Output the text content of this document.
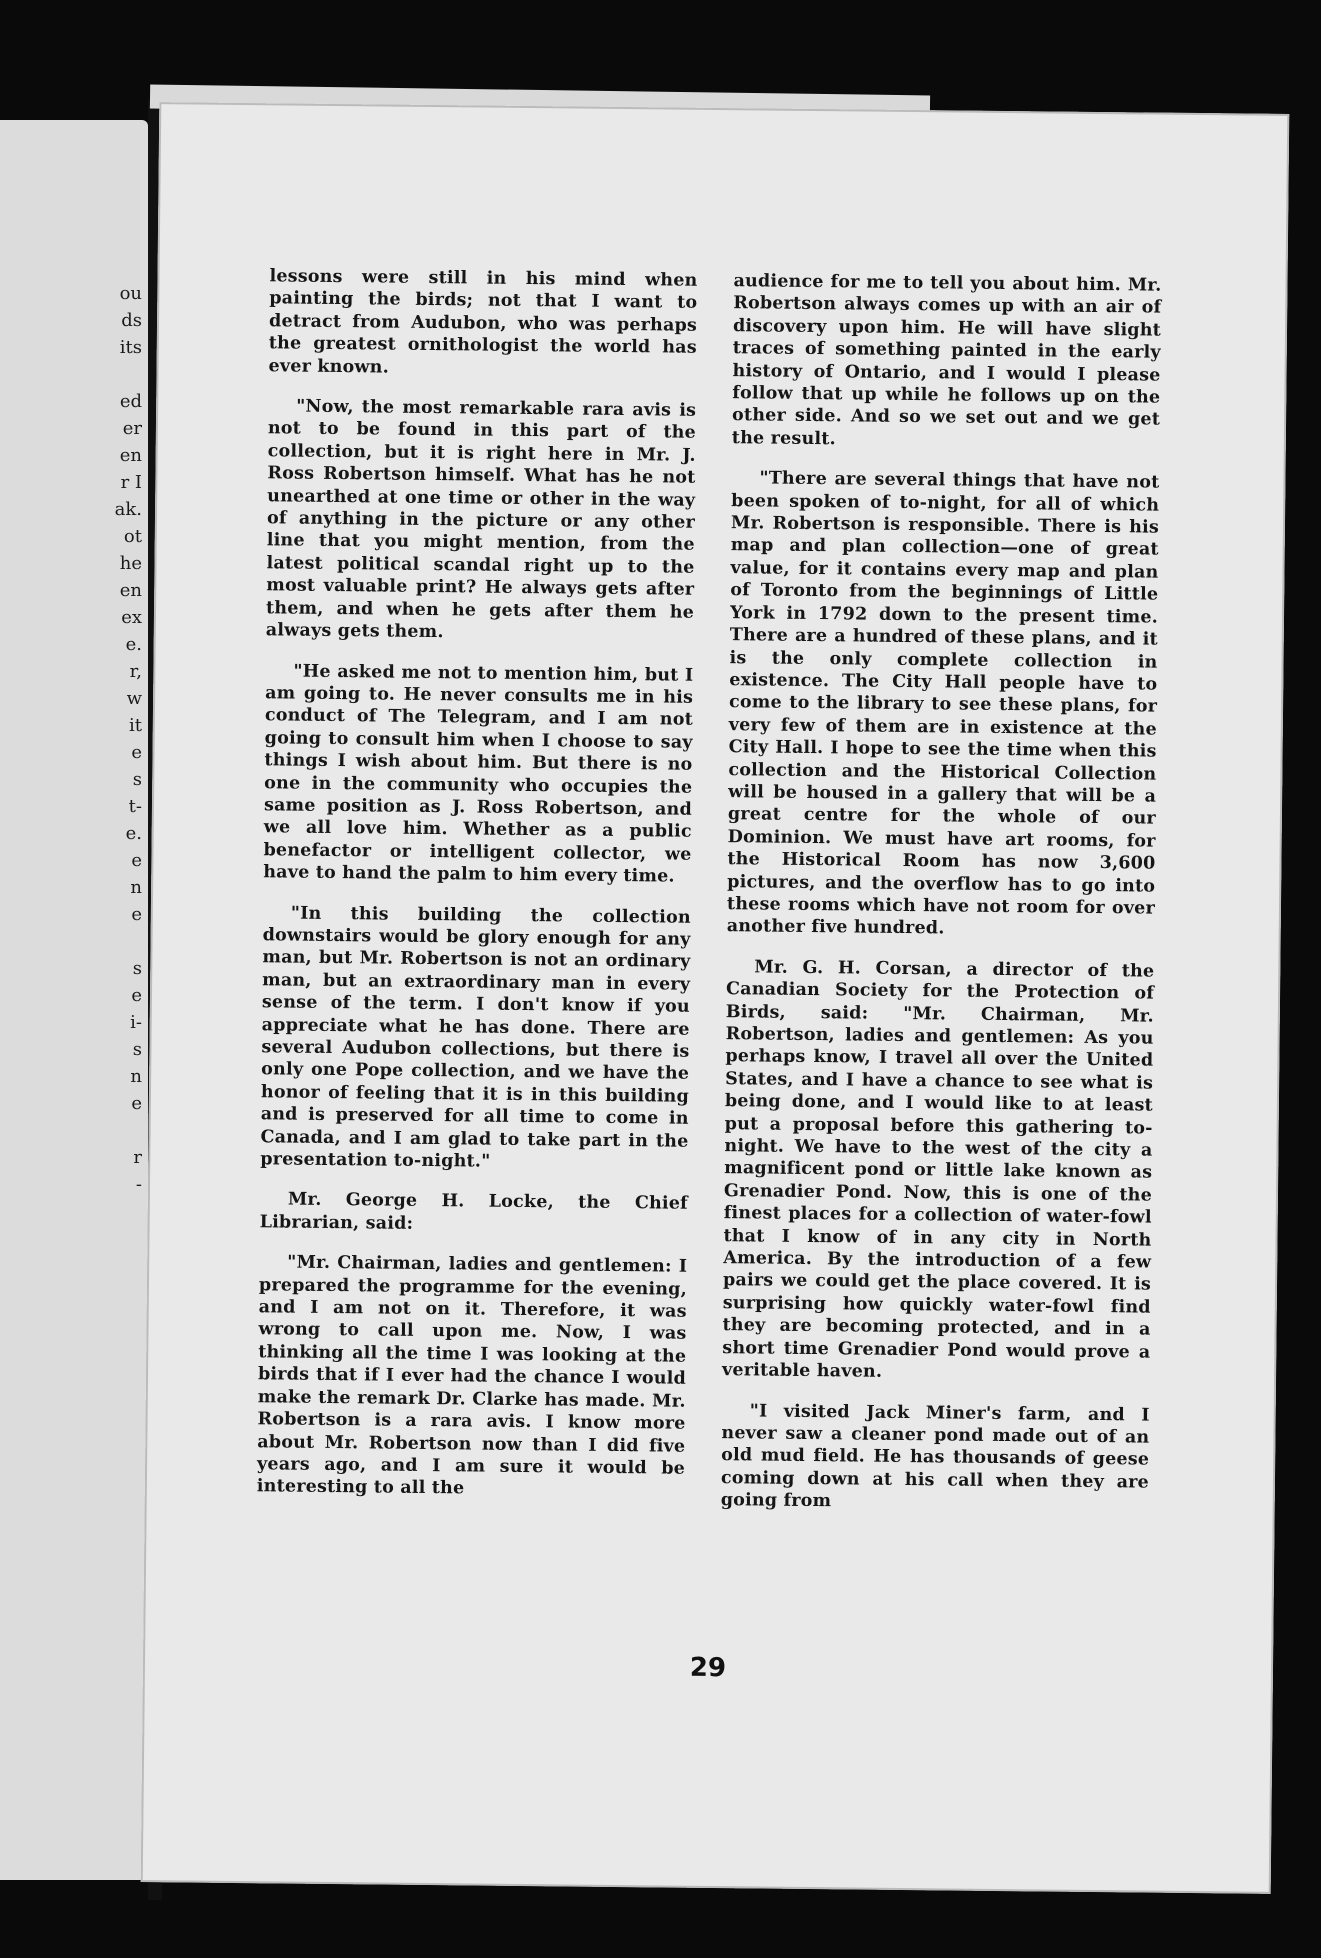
ou
ds
its

ed
er
en
r I
ak.
ot
he
en
ex
e.
r,
w
it
e
s
t-
e.
e
n
e

s
e
i-
s
n
e

r
-

lessons were still in his mind when painting the birds; not that I want to detract from Audubon, who was perhaps the greatest ornithologist the world has ever known.

"Now, the most remarkable rara avis is not to be found in this part of the collection, but it is right here in Mr. J. Ross Robertson himself. What has he not unearthed at one time or other in the way of anything in the picture or any other line that you might mention, from the latest political scandal right up to the most valuable print? He always gets after them, and when he gets after them he always gets them.

"He asked me not to mention him, but I am going to. He never consults me in his conduct of The Telegram, and I am not going to consult him when I choose to say things I wish about him. But there is no one in the community who occupies the same position as J. Ross Robertson, and we all love him. Whether as a public benefactor or intelligent collector, we have to hand the palm to him every time.

"In this building the collection downstairs would be glory enough for any man, but Mr. Robertson is not an ordinary man, but an extraordinary man in every sense of the term. I don't know if you appreciate what he has done. There are several Audubon collections, but there is only one Pope collection, and we have the honor of feeling that it is in this building and is preserved for all time to come in Canada, and I am glad to take part in the presentation to-night."

Mr. George H. Locke, the Chief Librarian, said:

"Mr. Chairman, ladies and gentlemen: I prepared the programme for the evening, and I am not on it. Therefore, it was wrong to call upon me. Now, I was thinking all the time I was looking at the birds that if I ever had the chance I would make the remark Dr. Clarke has made. Mr. Robertson is a rara avis. I know more about Mr. Robertson now than I did five years ago, and I am sure it would be interesting to all the

audience for me to tell you about him. Mr. Robertson always comes up with an air of discovery upon him. He will have slight traces of something painted in the early history of Ontario, and I would I please follow that up while he follows up on the other side. And so we set out and we get the result.

"There are several things that have not been spoken of to-night, for all of which Mr. Robertson is responsible. There is his map and plan collection—one of great value, for it contains every map and plan of Toronto from the beginnings of Little York in 1792 down to the present time. There are a hundred of these plans, and it is the only complete collection in existence. The City Hall people have to come to the library to see these plans, for very few of them are in existence at the City Hall. I hope to see the time when this collection and the Historical Collection will be housed in a gallery that will be a great centre for the whole of our Dominion. We must have art rooms, for the Historical Room has now 3,600 pictures, and the overflow has to go into these rooms which have not room for over another five hundred.

Mr. G. H. Corsan, a director of the Canadian Society for the Protection of Birds, said: "Mr. Chairman, Mr. Robertson, ladies and gentlemen: As you perhaps know, I travel all over the United States, and I have a chance to see what is being done, and I would like to at least put a proposal before this gathering to-night. We have to the west of the city a magnificent pond or little lake known as Grenadier Pond. Now, this is one of the finest places for a collection of water-fowl that I know of in any city in North America. By the introduction of a few pairs we could get the place covered. It is surprising how quickly water-fowl find they are becoming protected, and in a short time Grenadier Pond would prove a veritable haven.

"I visited Jack Miner's farm, and I never saw a cleaner pond made out of an old mud field. He has thousands of geese coming down at his call when they are going from

29
